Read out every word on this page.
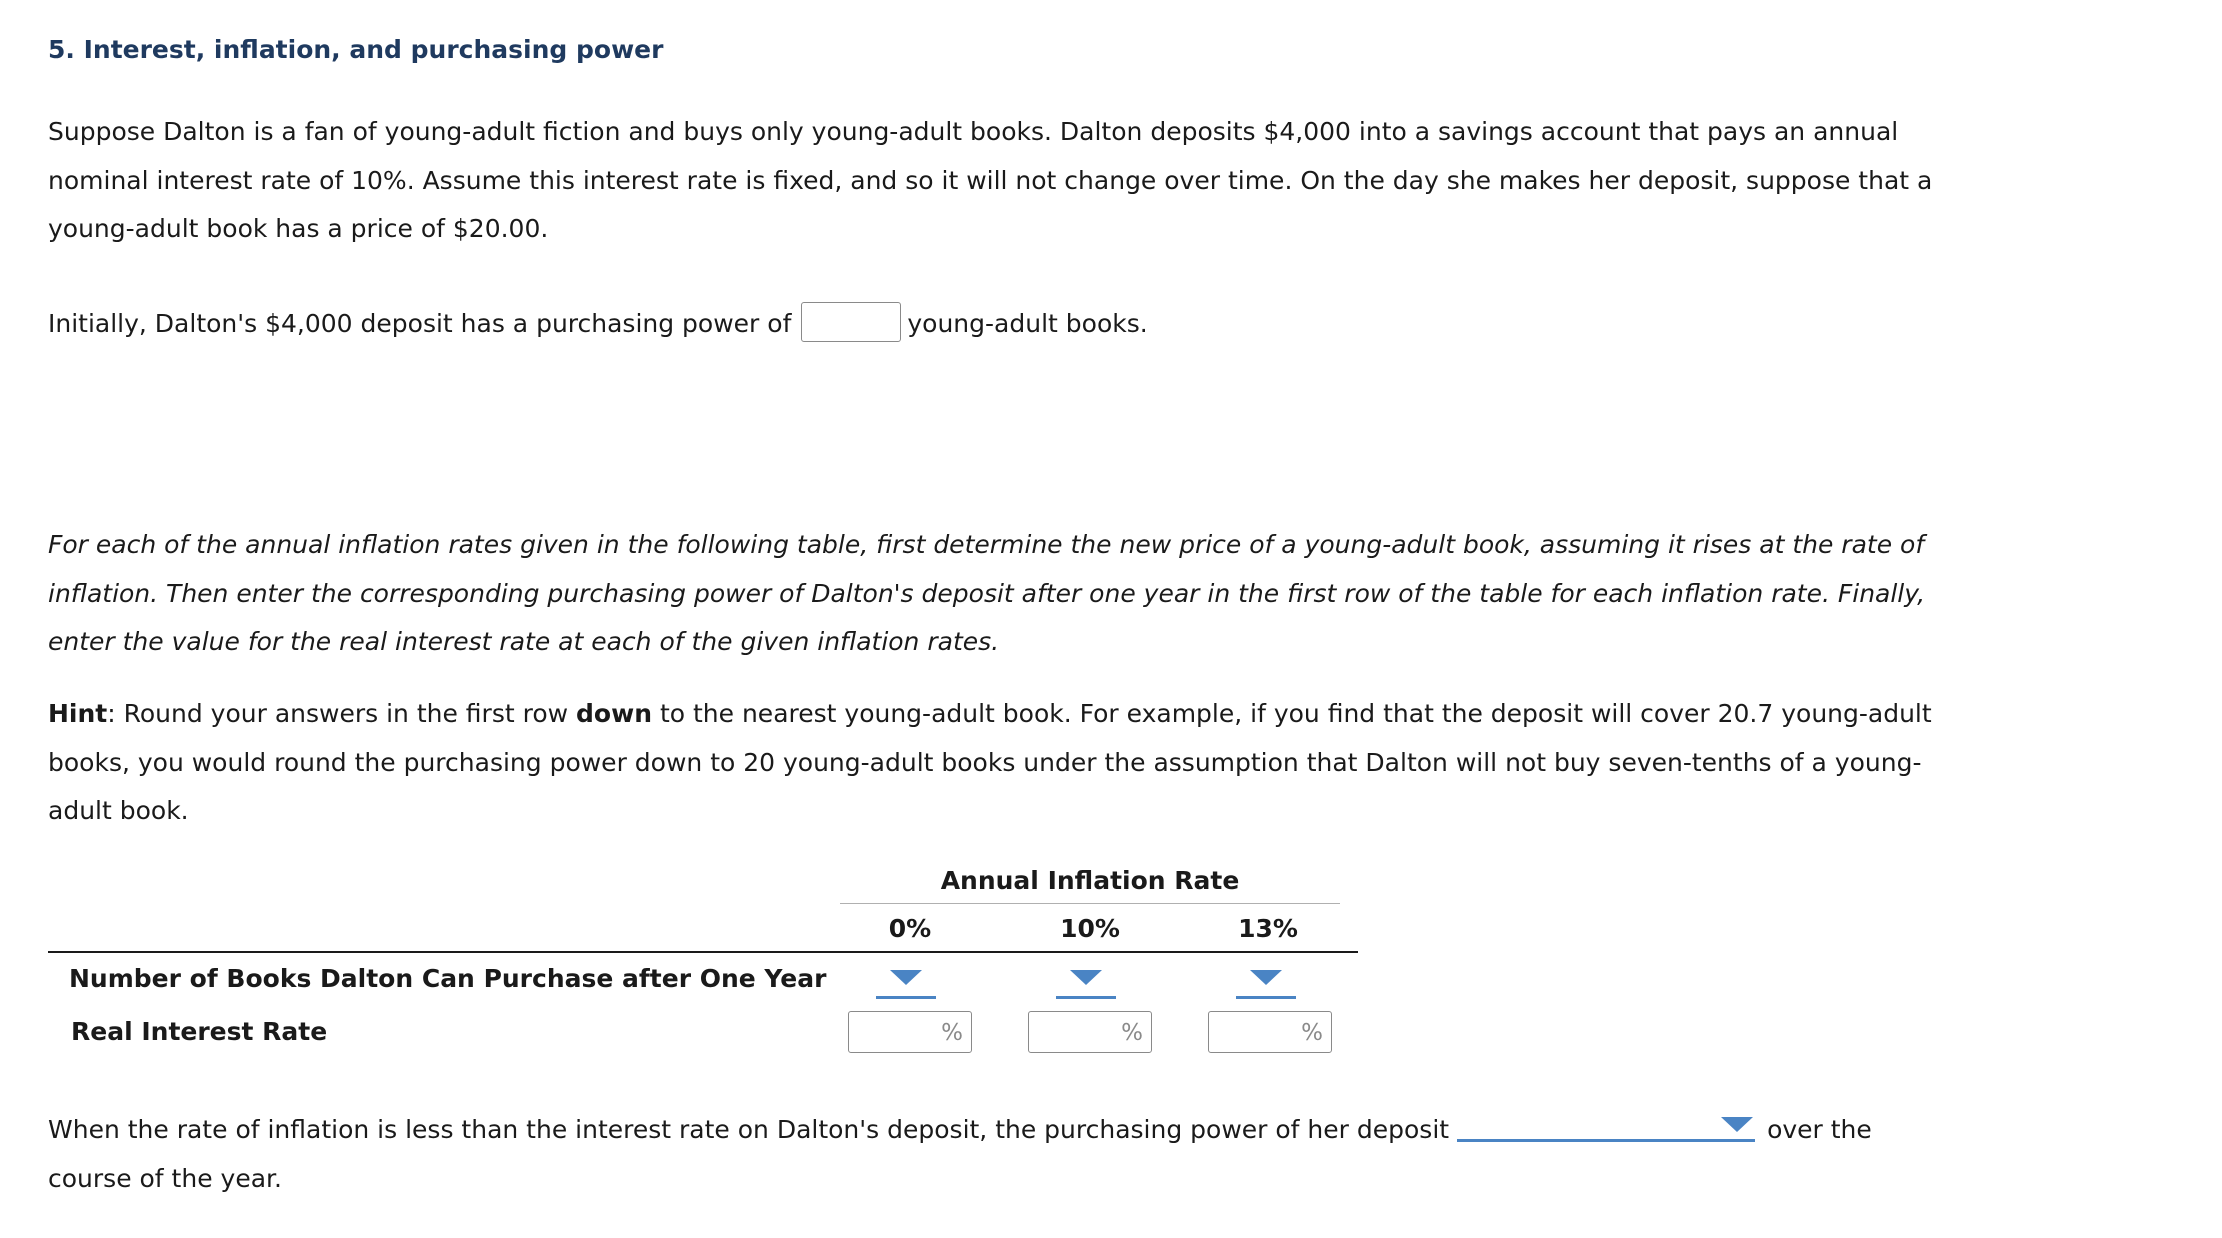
5. Interest, inflation, and purchasing power

Suppose Dalton is a fan of young-adult fiction and buys only young-adult books. Dalton deposits $4,000 into a savings account that pays an annual nominal interest rate of 10%. Assume this interest rate is fixed, and so it will not change over time. On the day she makes her deposit, suppose that a young-adult book has a price of $20.00.

Initially, Dalton's $4,000 deposit has a purchasing power of	young-adult books.

For each of the annual inflation rates given in the following table, first determine the new price of a young-adult book, assuming it rises at the rate of inflation. Then enter the corresponding purchasing power of Dalton's deposit after one year in the first row of the table for each inflation rate. Finally, enter the value for the real interest rate at each of the given inflation rates.

Hint: Round your answers in the first row down to the nearest young-adult book. For example, if you find that the deposit will cover 20.7 young-adult books, you would round the purchasing power down to 20 young-adult books under the assumption that Dalton will not buy seven-tenths of a young-adult book.

Annual Inflation Rate
0%	10%	13%
Number of Books Dalton Can Purchase after One Year
Real Interest Rate	%	%	%

When the rate of inflation is less than the interest rate on Dalton's deposit, the purchasing power of her deposit	over the course of the year.
